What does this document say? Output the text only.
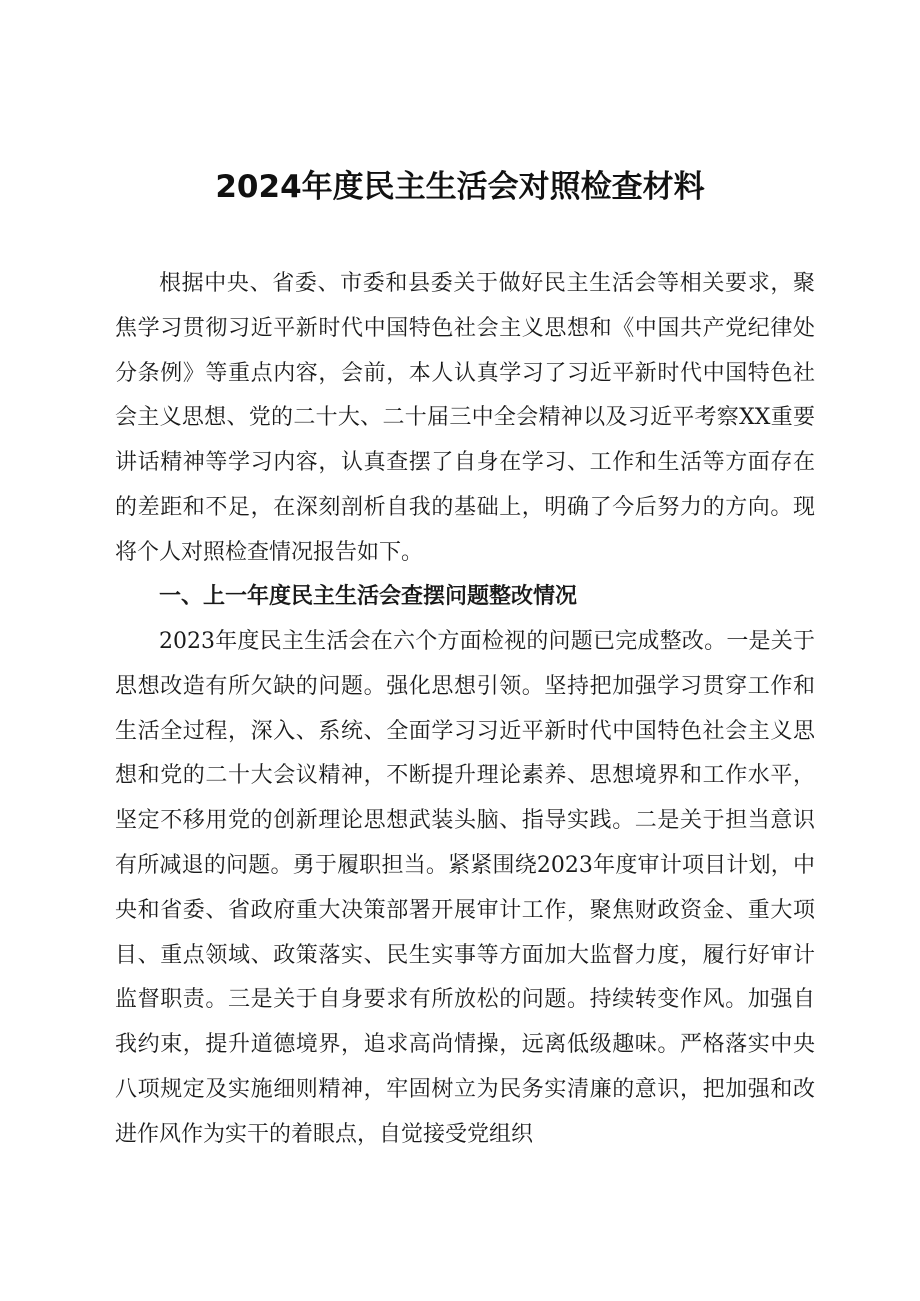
2024年度民主生活会对照检查材料

根据中央、省委、市委和县委关于做好民主生活会等相关要求，聚焦学习贯彻习近平新时代中国特色社会主义思想和《中国共产党纪律处分条例》等重点内容，会前，本人认真学习了习近平新时代中国特色社会主义思想、党的二十大、二十届三中全会精神以及习近平考察XX重要讲话精神等学习内容，认真查摆了自身在学习、工作和生活等方面存在的差距和不足，在深刻剖析自我的基础上，明确了今后努力的方向。现将个人对照检查情况报告如下。

一、上一年度民主生活会查摆问题整改情况

2023年度民主生活会在六个方面检视的问题已完成整改。一是关于思想改造有所欠缺的问题。强化思想引领。坚持把加强学习贯穿工作和生活全过程，深入、系统、全面学习习近平新时代中国特色社会主义思想和党的二十大会议精神，不断提升理论素养、思想境界和工作水平，坚定不移用党的创新理论思想武装头脑、指导实践。二是关于担当意识有所减退的问题。勇于履职担当。紧紧围绕2023年度审计项目计划，中央和省委、省政府重大决策部署开展审计工作，聚焦财政资金、重大项目、重点领域、政策落实、民生实事等方面加大监督力度，履行好审计监督职责。三是关于自身要求有所放松的问题。持续转变作风。加强自我约束，提升道德境界，追求高尚情操，远离低级趣味。严格落实中央八项规定及实施细则精神，牢固树立为民务实清廉的意识，把加强和改进作风作为实干的着眼点，自觉接受党组织
